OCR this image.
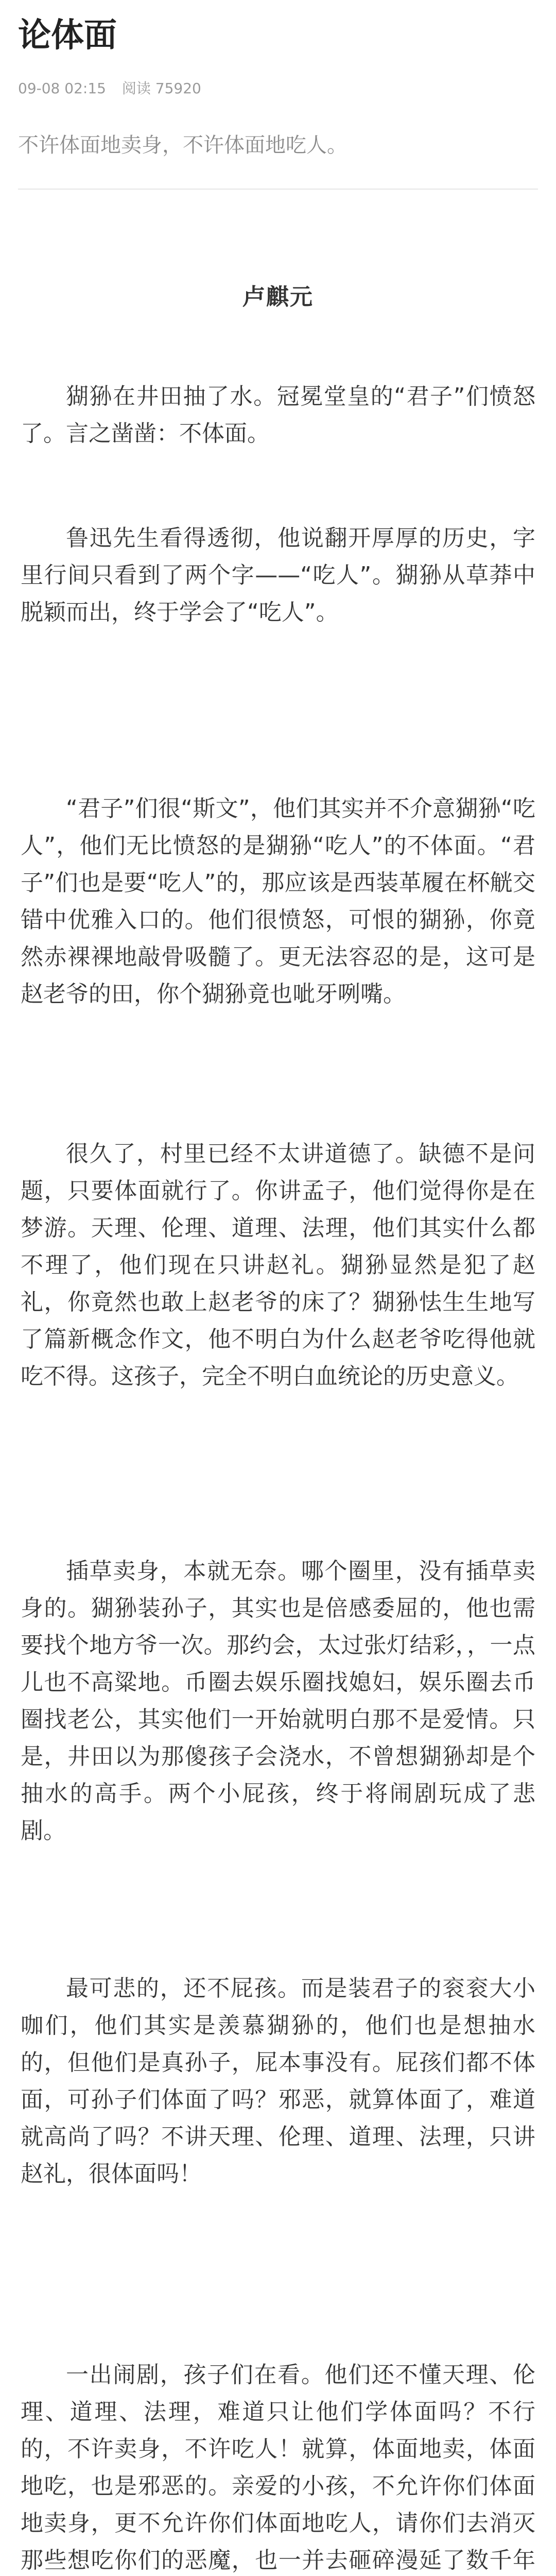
论体面
09-08 02:15 阅读 75920
不许体面地卖身，不许体面地吃人。
卢麒元

猢狲在井田抽了水。冠冕堂皇的“君子”们愤怒了。言之凿凿：不体面。

鲁迅先生看得透彻，他说翻开厚厚的历史，字里行间只看到了两个字——“吃人”。猢狲从草莽中脱颖而出，终于学会了“吃人”。

“君子”们很“斯文”，他们其实并不介意猢狲“吃人”，他们无比愤怒的是猢狲“吃人”的不体面。“君子”们也是要“吃人”的，那应该是西装革履在杯觥交错中优雅入口的。他们很愤怒，可恨的猢狲，你竟然赤裸裸地敲骨吸髓了。更无法容忍的是，这可是赵老爷的田，你个猢狲竟也呲牙咧嘴。

很久了，村里已经不太讲道德了。缺德不是问题，只要体面就行了。你讲孟子，他们觉得你是在梦游。天理、伦理、道理、法理，他们其实什么都不理了，他们现在只讲赵礼。猢狲显然是犯了赵礼，你竟然也敢上赵老爷的床了？猢狲怯生生地写了篇新概念作文，他不明白为什么赵老爷吃得他就吃不得。这孩子，完全不明白血统论的历史意义。

插草卖身，本就无奈。哪个圈里，没有插草卖身的。猢狲装孙子，其实也是倍感委屈的，他也需要找个地方爷一次。那约会，太过张灯结彩，，一点儿也不高粱地。币圈去娱乐圈找媳妇，娱乐圈去币圈找老公，其实他们一开始就明白那不是爱情。只是，井田以为那傻孩子会浇水，不曾想猢狲却是个抽水的高手。两个小屁孩，终于将闹剧玩成了悲剧。

最可悲的，还不屁孩。而是装君子的衮衮大小咖们，他们其实是羡慕猢狲的，他们也是想抽水的，但他们是真孙子，屁本事没有。屁孩们都不体面，可孙子们体面了吗？邪恶，就算体面了，难道就高尚了吗？不讲天理、伦理、道理、法理，只讲赵礼，很体面吗！

一出闹剧，孩子们在看。他们还不懂天理、伦理、道理、法理，难道只让他们学体面吗？不行的，不许卖身，不许吃人！就算，体面地卖，体面地吃，也是邪恶的。亲爱的小孩，不允许你们体面地卖身，更不允许你们体面地吃人，请你们去消灭那些想吃你们的恶魔，也一并去砸碎漫延了数千年
